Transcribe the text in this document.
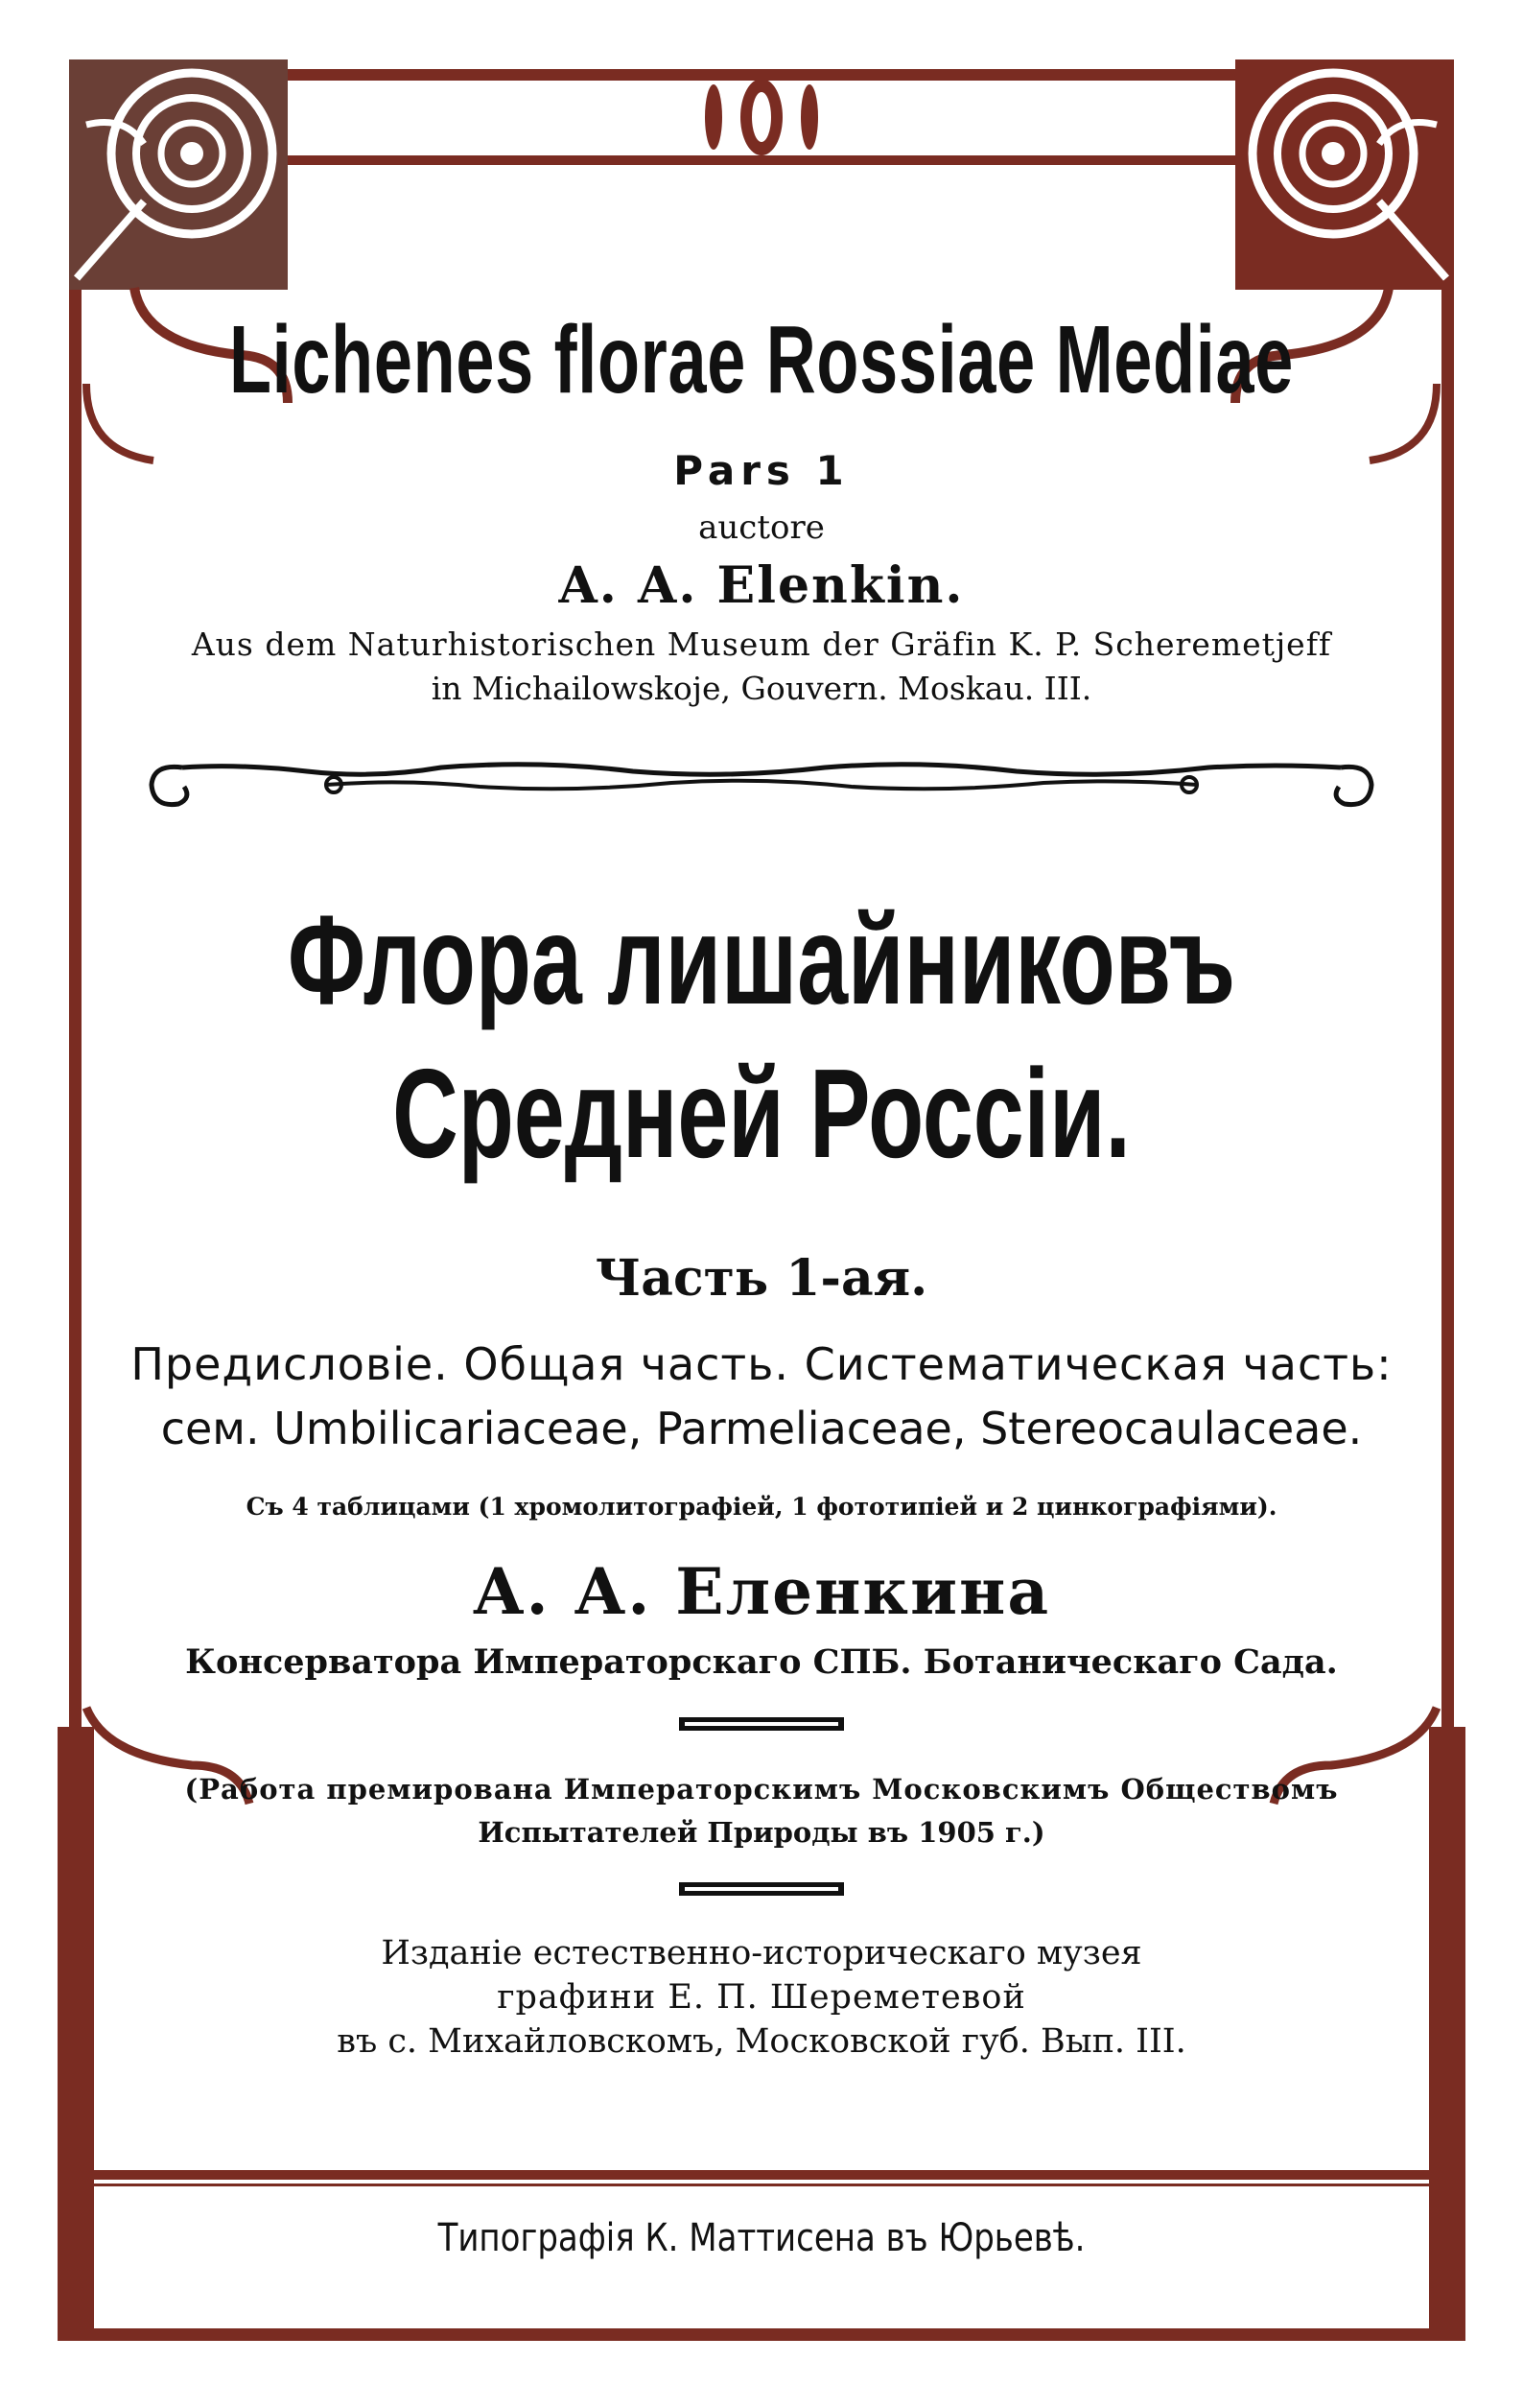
Lichenes florae Rossiae Mediae
Pars 1
auctore
A. A. Elenkin.
Aus dem Naturhistorischen Museum der Gräfin K. P. Scheremetjeff
in Michailowskoje, Gouvern. Moskau. III.
Флора лишайниковъ
Средней Россiи.
Часть 1-ая.
Предисловiе. Общая часть. Систематическая часть:
сем. Umbilicariaceae, Parmeliaceae, Stereocaulaceae.
Съ 4 таблицами (1 хромолитографiей, 1 фототипiей и 2 цинкографiями).
А. А. Еленкина
Консерватора Императорскаго СПБ. Ботаническаго Сада.
(Работа премирована Императорскимъ Московскимъ Обществомъ
Испытателей Природы въ 1905 г.)
Изданiе естественно-историческаго музея
графини Е. П. Шереметевой
въ с. Михайловскомъ, Московской губ. Вып. III.
Типографiя К. Маттисена въ Юрьевѣ.
